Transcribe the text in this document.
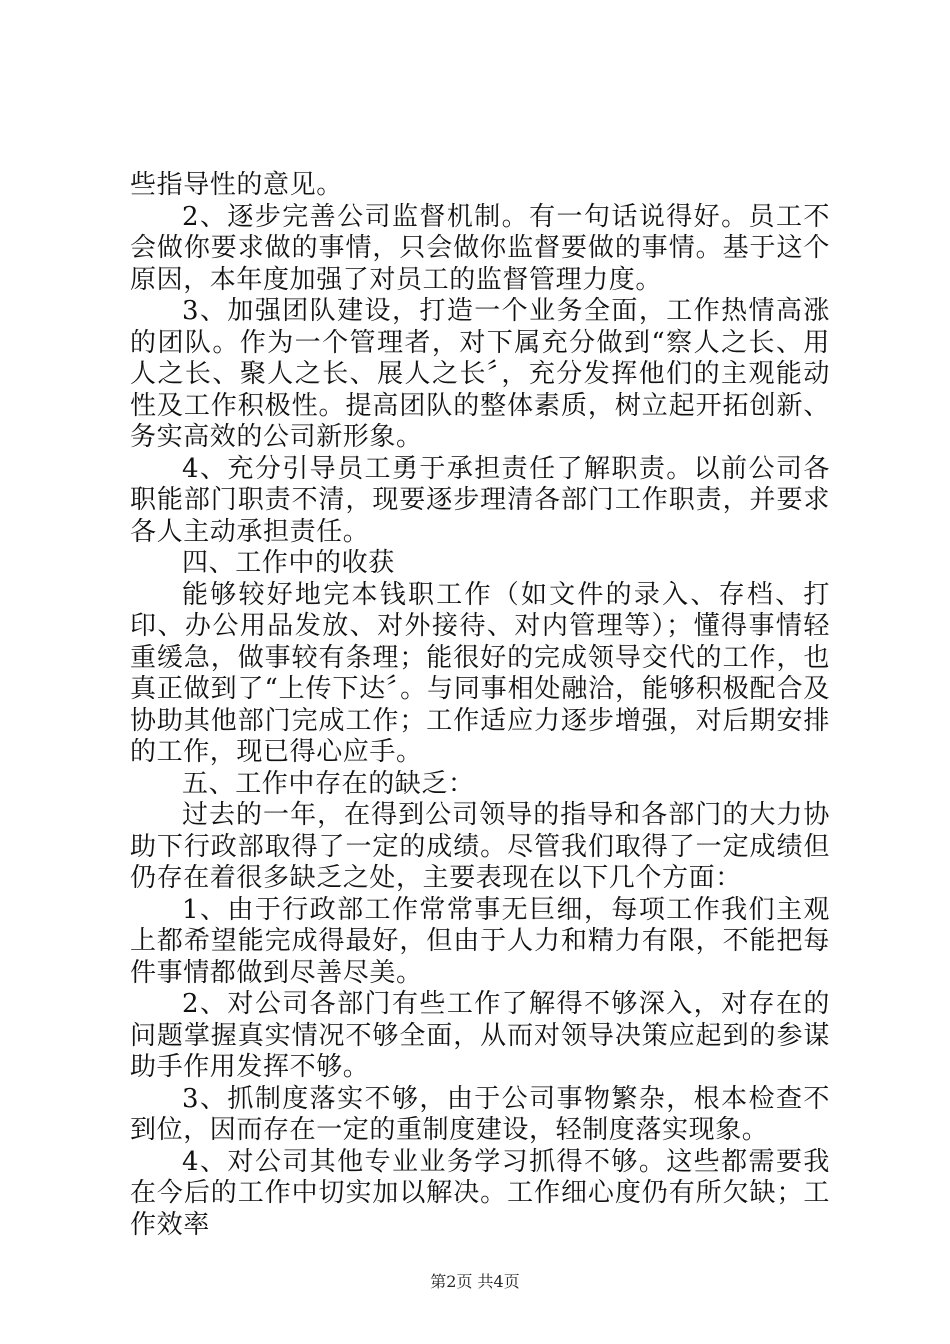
些指导性的意见。

2、逐步完善公司监督机制。有一句话说得好。员工不会做你要求做的事情，只会做你监督要做的事情。基于这个原因，本年度加强了对员工的监督管理力度。

3、加强团队建设，打造一个业务全面，工作热情高涨的团队。作为一个管理者，对下属充分做到“察人之长、用人之长、聚人之长、展人之长〞，充分发挥他们的主观能动性及工作积极性。提高团队的整体素质，树立起开拓创新、务实高效的公司新形象。

4、充分引导员工勇于承担责任了解职责。以前公司各职能部门职责不清，现要逐步理清各部门工作职责，并要求各人主动承担责任。

四、工作中的收获

能够较好地完本钱职工作（如文件的录入、存档、打印、办公用品发放、对外接待、对内管理等）；懂得事情轻重缓急，做事较有条理；能很好的完成领导交代的工作，也真正做到了“上传下达〞。与同事相处融洽，能够积极配合及协助其他部门完成工作；工作适应力逐步增强，对后期安排的工作，现已得心应手。

五、工作中存在的缺乏：

过去的一年，在得到公司领导的指导和各部门的大力协助下行政部取得了一定的成绩。尽管我们取得了一定成绩但仍存在着很多缺乏之处，主要表现在以下几个方面：

1、由于行政部工作常常事无巨细，每项工作我们主观上都希望能完成得最好，但由于人力和精力有限，不能把每件事情都做到尽善尽美。

2、对公司各部门有些工作了解得不够深入，对存在的问题掌握真实情况不够全面，从而对领导决策应起到的参谋助手作用发挥不够。

3、抓制度落实不够，由于公司事物繁杂，根本检查不到位，因而存在一定的重制度建设，轻制度落实现象。

4、对公司其他专业业务学习抓得不够。这些都需要我在今后的工作中切实加以解决。工作细心度仍有所欠缺；工作效率

第2页 共4页
